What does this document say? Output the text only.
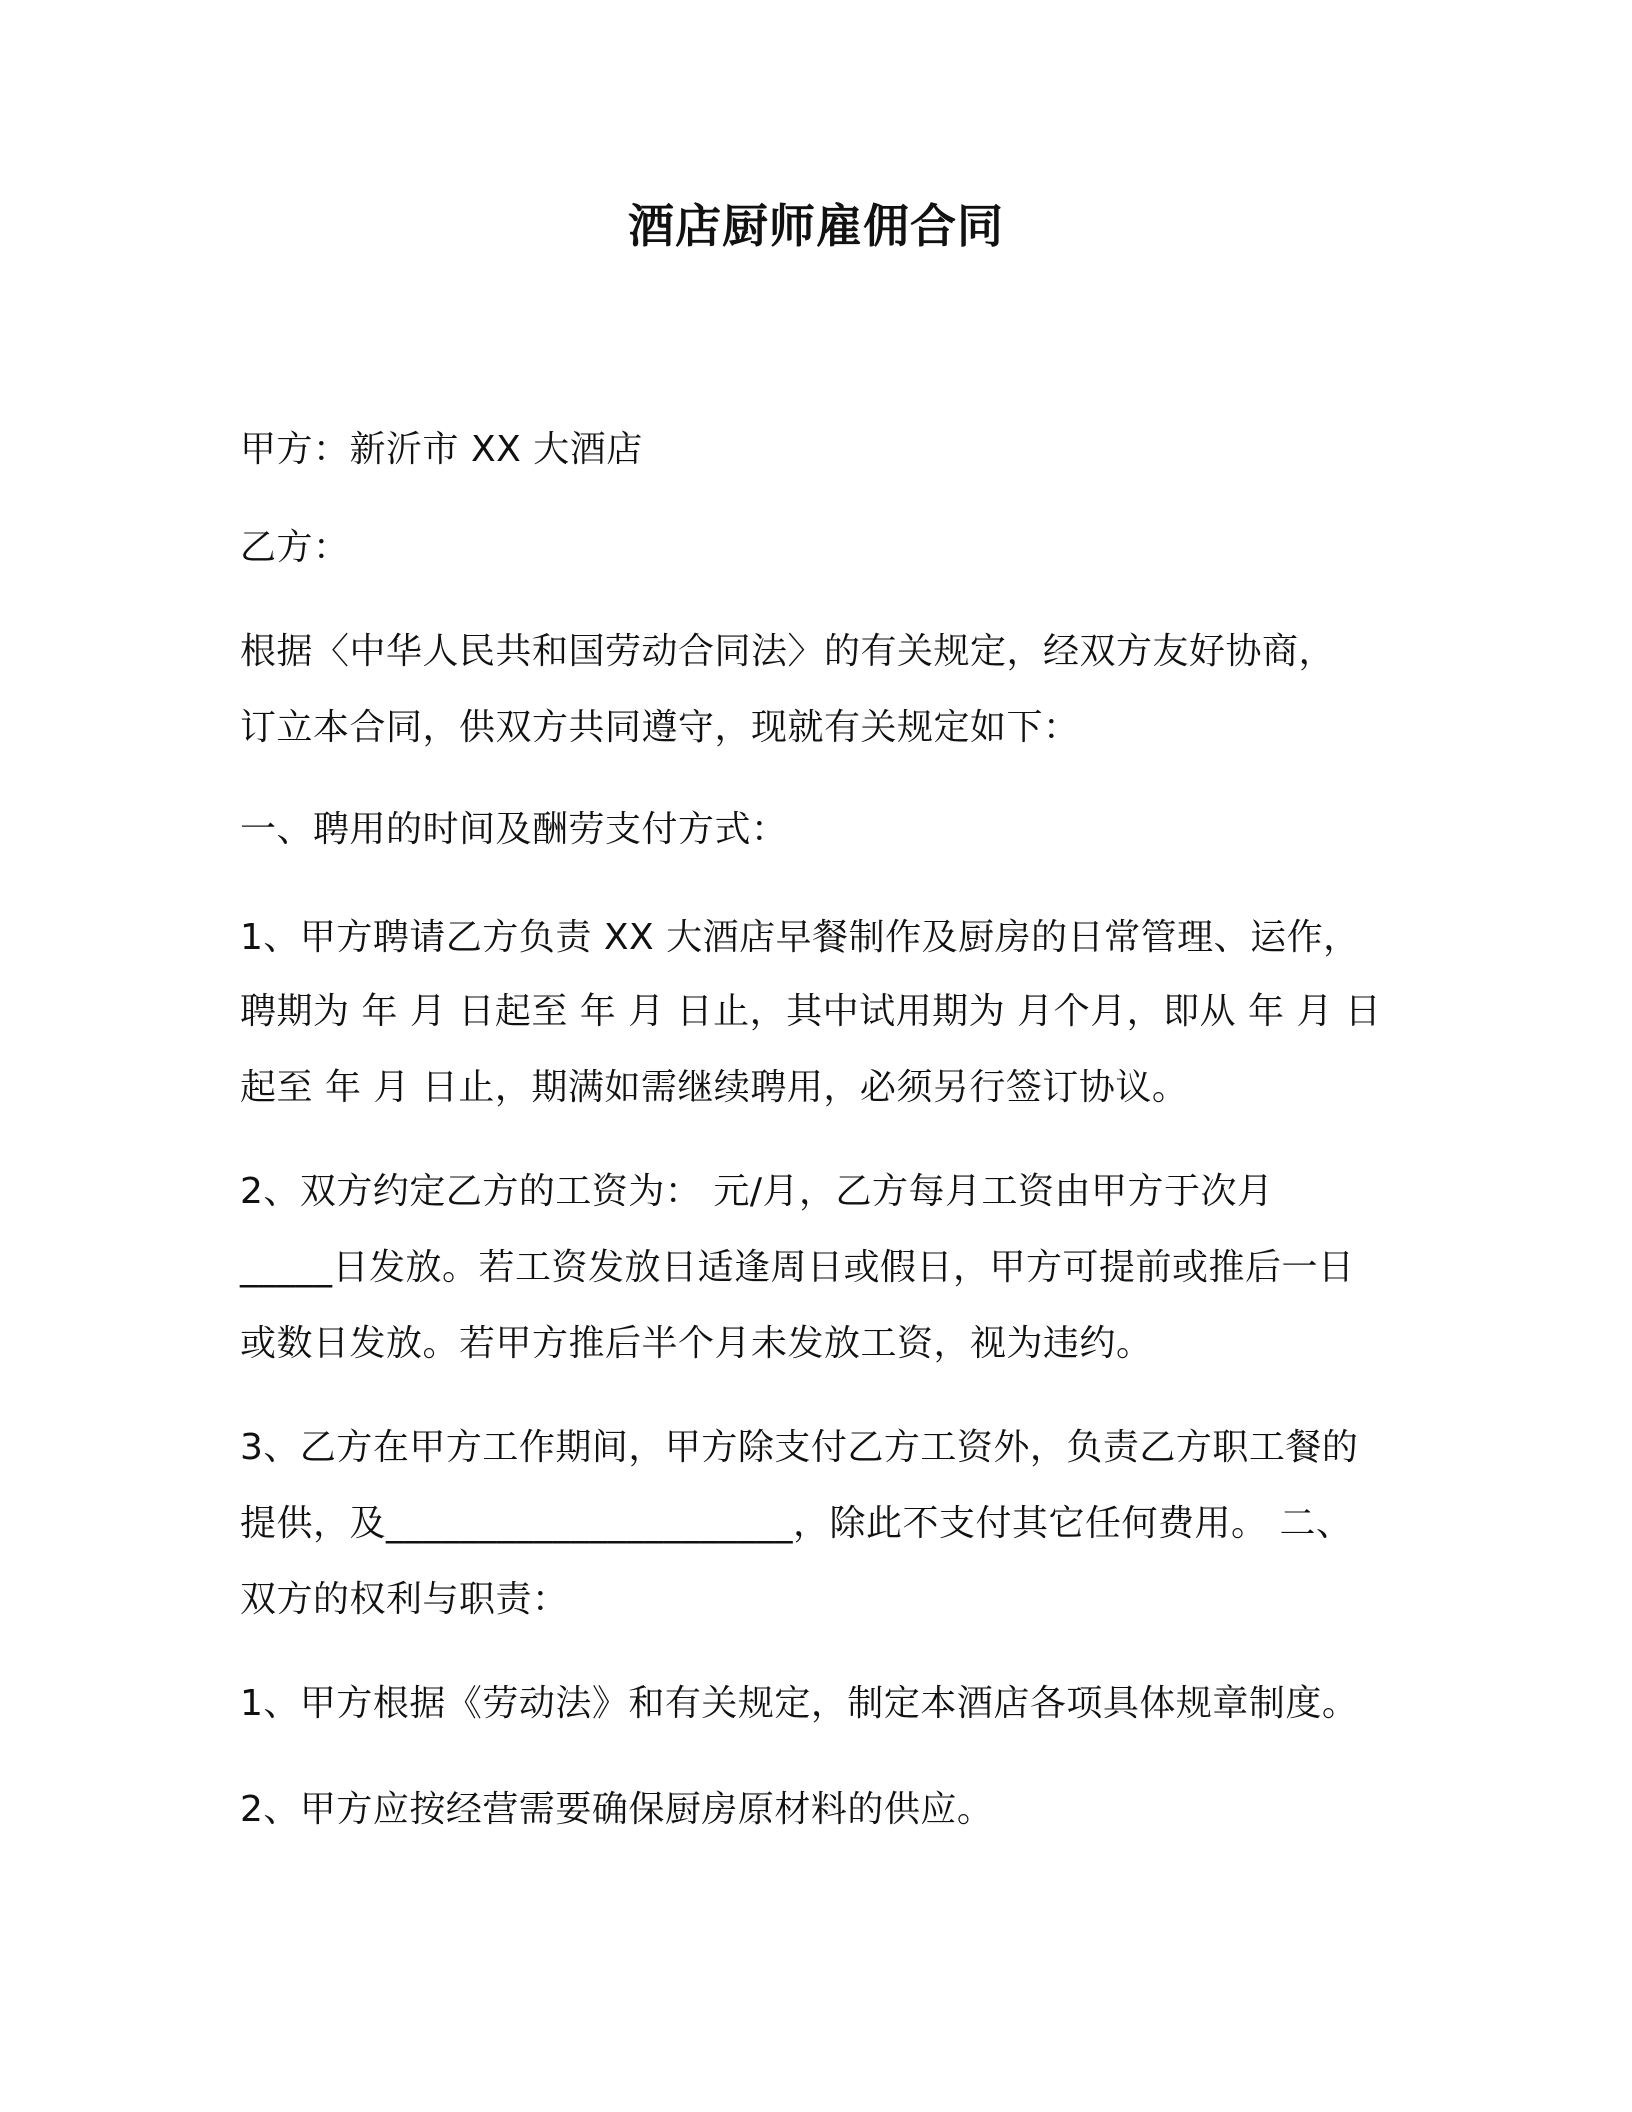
酒店厨师雇佣合同
甲方：新沂市 XX 大酒店
乙方：
根据〈中华人民共和国劳动合同法〉的有关规定，经双方友好协商，
订立本合同，供双方共同遵守，现就有关规定如下：
一、聘用的时间及酬劳支付方式：
1、甲方聘请乙方负责 XX 大酒店早餐制作及厨房的日常管理、运作，
聘期为 年 月 日起至 年 月 日止，其中试用期为 月个月，即从 年 月 日
起至 年 月 日止，期满如需继续聘用，必须另行签订协议。
2、双方约定乙方的工资为： 元/月，乙方每月工资由甲方于次月
_____日发放。若工资发放日适逢周日或假日，甲方可提前或推后一日
或数日发放。若甲方推后半个月未发放工资，视为违约。
3、乙方在甲方工作期间，甲方除支付乙方工资外，负责乙方职工餐的
提供，及______________________，除此不支付其它任何费用。 二、
双方的权利与职责：
1、甲方根据《劳动法》和有关规定，制定本酒店各项具体规章制度。
2、甲方应按经营需要确保厨房原材料的供应。
